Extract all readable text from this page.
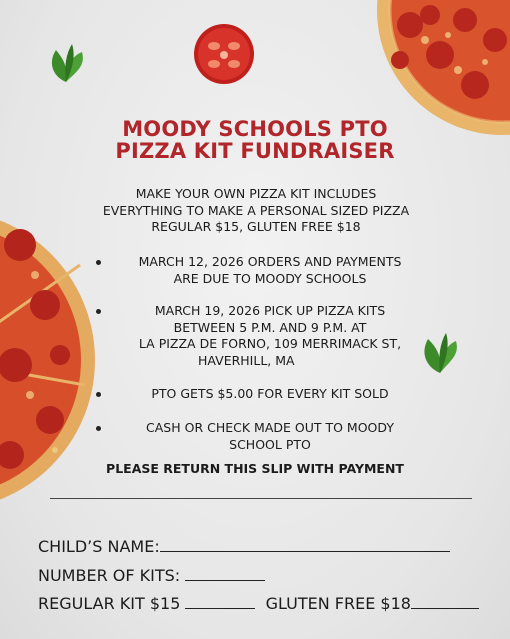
MOODY SCHOOLS PTO
PIZZA KIT FUNDRAISER
MAKE YOUR OWN PIZZA KIT INCLUDES
EVERYTHING TO MAKE A PERSONAL SIZED PIZZA
REGULAR $15, GLUTEN FREE $18
MARCH 12, 2026 ORDERS AND PAYMENTS
ARE DUE TO MOODY SCHOOLS
MARCH 19, 2026 PICK UP PIZZA KITS
BETWEEN 5 P.M. AND 9 P.M. AT
LA PIZZA DE FORNO, 109 MERRIMACK ST,
HAVERHILL, MA
PTO GETS $5.00 FOR EVERY KIT SOLD
CASH OR CHECK MADE OUT TO MOODY
SCHOOL PTO
PLEASE RETURN THIS SLIP WITH PAYMENT
CHILD’S NAME:
NUMBER OF KITS:
REGULAR KIT $15	GLUTEN FREE $18
